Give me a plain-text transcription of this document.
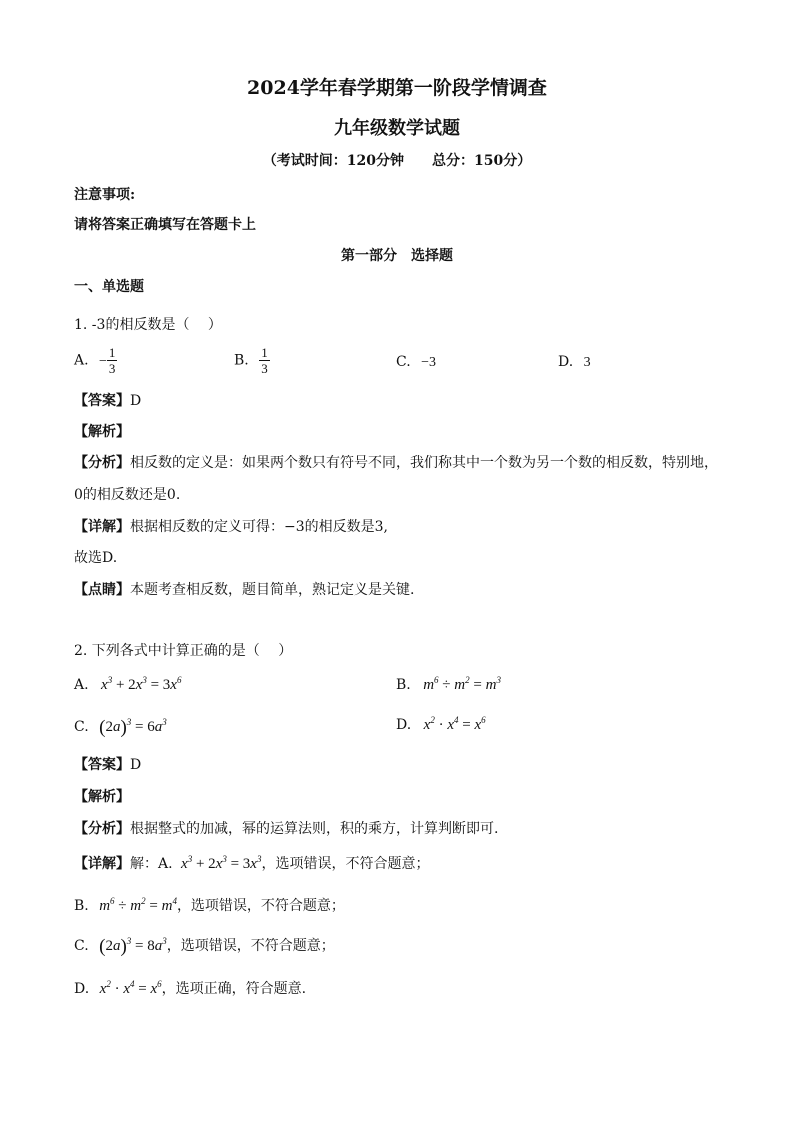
2024学年春学期第一阶段学情调查
九年级数学试题
（考试时间：120分钟　　总分：150分）
注意事项:
请将答案正确填写在答题卡上
第一部分　选择题
一、单选题
1. -3的相反数是（　 ）
A. − $\frac{1}{3}$	B. $\frac{1}{3}$	C. −3	D. 3
【答案】D
【解析】
【分析】相反数的定义是：如果两个数只有符号不同，我们称其中一个数为另一个数的相反数，特别地，
0的相反数还是0.
【详解】根据相反数的定义可得：−3的相反数是3,
故选D.
【点睛】本题考查相反数，题目简单，熟记定义是关键.
2. 下列各式中计算正确的是（　 ）
A. $x^3 + 2x^3 = 3x^6$	B. $m^6 \div m^2 = m^3$
C. $(2a)^3 = 6a^3$	D. $x^2 \cdot x^4 = x^6$
【答案】D
【解析】
【分析】根据整式的加减，幂的运算法则，积的乘方，计算判断即可.
【详解】解：A. $x^3 + 2x^3 = 3x^3$，选项错误，不符合题意；
B. $m^6 \div m^2 = m^4$，选项错误，不符合题意；
C. $(2a)^3 = 8a^3$，选项错误，不符合题意；
D. $x^2 \cdot x^4 = x^6$，选项正确，符合题意.
